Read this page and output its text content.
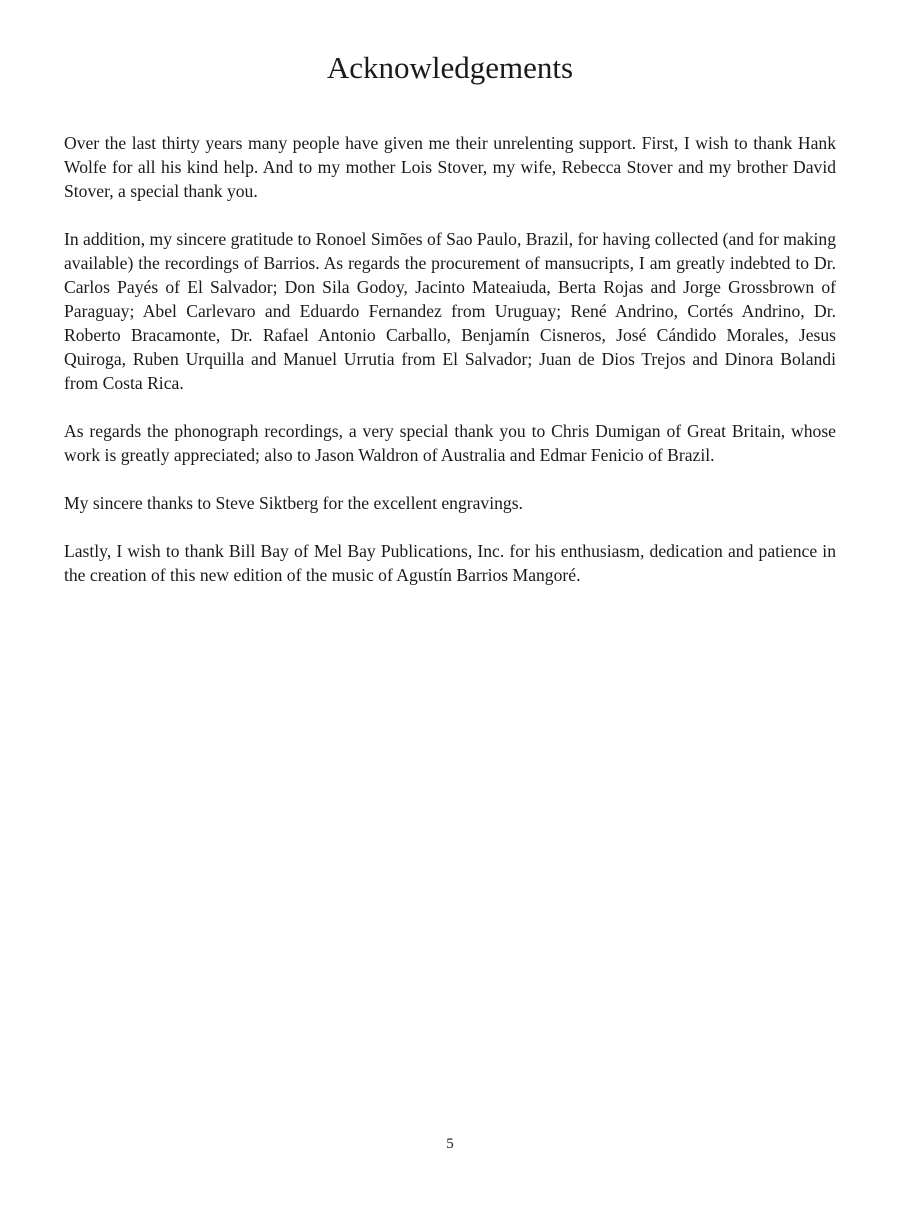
Acknowledgements

Over the last thirty years many people have given me their unrelenting support. First, I wish to thank Hank Wolfe for all his kind help. And to my mother Lois Stover, my wife, Rebecca Stover and my brother David Stover, a special thank you.

In addition, my sincere gratitude to Ronoel Simões of Sao Paulo, Brazil, for having collected (and for making available) the recordings of Barrios. As regards the procurement of mansucripts, I am greatly indebted to Dr. Carlos Payés of El Salvador; Don Sila Godoy, Jacinto Mateaiuda, Berta Rojas and Jorge Grossbrown of Paraguay; Abel Carlevaro and Eduardo Fernandez from Uruguay; René Andrino, Cortés Andrino, Dr. Roberto Bracamonte, Dr. Rafael Antonio Carballo, Benjamín Cisneros, José Cándido Morales, Jesus Quiroga, Ruben Urquilla and Manuel Urrutia from El Salvador; Juan de Dios Trejos and Dinora Bolandi from Costa Rica.

As regards the phonograph recordings, a very special thank you to Chris Dumigan of Great Britain, whose work is greatly appreciated; also to Jason Waldron of Australia and Edmar Fenicio of Brazil.

My sincere thanks to Steve Siktberg for the excellent engravings.

Lastly, I wish to thank Bill Bay of Mel Bay Publications, Inc. for his enthusiasm, dedication and patience in the creation of this new edition of the music of Agustín Barrios Mangoré.

5
